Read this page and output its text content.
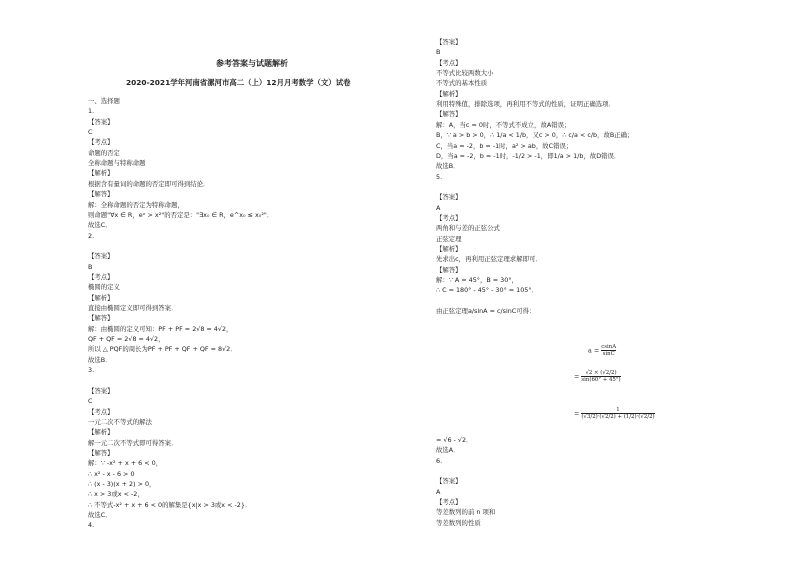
参考答案与试题解析
2020-2021学年河南省漯河市高二（上）12月月考数学（文）试卷
一、选择题
1.
【答案】
C
【考点】
命题的否定
全称命题与特称命题
【解析】
根据含有量词的命题的否定即可得到结论．
【解答】
解：全称命题的否定为特称命题，
则命题"∀x ∈ R，eˣ > x²"的否定是："∃x₀ ∈ R，e^x₀ ≤ x₀²"．
故选C．
2.
【答案】
B
【考点】
椭圆的定义
【解析】
直接由椭圆定义即可得到答案．
【解答】
解：由椭圆的定义可知：PF + PF = 2√8 = 4√2，
QF + QF = 2√8 = 4√2，
所以 △ PQF的周长为PF + PF + QF + QF = 8√2．
故选B．
3.
【答案】
C
【考点】
一元二次不等式的解法
【解析】
解一元二次不等式即可得答案．
【解答】
解：∵ -x² + x + 6 < 0，
∴ x² - x - 6 > 0
∴ (x - 3)(x + 2) > 0，
∴ x > 3或x < -2，
∴ 不等式-x² + x + 6 < 0的解集是{x|x > 3或x < -2}．
故选C．
4.
【答案】
B
【考点】
不等式比较两数大小
不等式的基本性质
【解析】
利用特殊值，排除选项，再利用不等式的性质，证明正确选项．
【解答】
解：A，当c = 0时，不等式不成立，故A错误；
B，∵ a > b > 0，∴ 1/a < 1/b，又c > 0，∴ c/a < c/b，故B正确；
C，当a = -2，b = -1时，a² > ab，故C错误；
D，当a = -2，b = -1时，-1/2 > -1，即1/a > 1/b，故D错误．
故选B．
5.
【答案】
A
【考点】
两角和与差的正弦公式
正弦定理
【解析】
先求出c，再利用正弦定理求解即可．
【解答】
解：∵ A = 45°，B = 30°，
∴ C = 180° - 45° - 30° = 105°．
由正弦定理a/sinA = c/sinC可得：
$a = \frac{csinA}{\sin C}$
= $\frac{√2 \times (√2/2)}{\sin(60^\circ + 45^\circ)}$
= $\frac{1}{(√3/2)\cdot(√2/2) + (1/2)\cdot(√2/2)}$
= √6 - √2．
故选A．
6.
【答案】
A
【考点】
等差数列的前 n 项和
等差数列的性质
